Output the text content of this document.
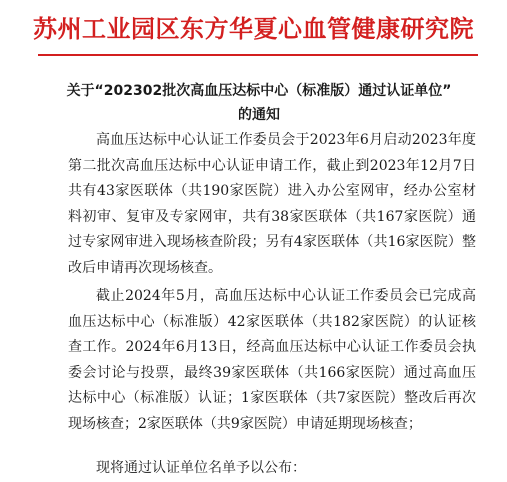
苏州工业园区东方华夏心血管健康研究院
关于“202302批次高血压达标中心（标准版）通过认证单位”
的通知

高血压达标中心认证工作委员会于2023年6月启动2023年度第二批次高血压达标中心认证申请工作，截止到2023年12月7日共有43家医联体（共190家医院）进入办公室网审，经办公室材料初审、复审及专家网审，共有38家医联体（共167家医院）通过专家网审进入现场核查阶段；另有4家医联体（共16家医院）整改后申请再次现场核查。

截止2024年5月，高血压达标中心认证工作委员会已完成高血压达标中心（标准版）42家医联体（共182家医院）的认证核查工作。2024年6月13日，经高血压达标中心认证工作委员会执委会讨论与投票，最终39家医联体（共166家医院）通过高血压达标中心（标准版）认证；1家医联体（共7家医院）整改后再次现场核查；2家医联体（共9家医院）申请延期现场核查；

现将通过认证单位名单予以公布：
